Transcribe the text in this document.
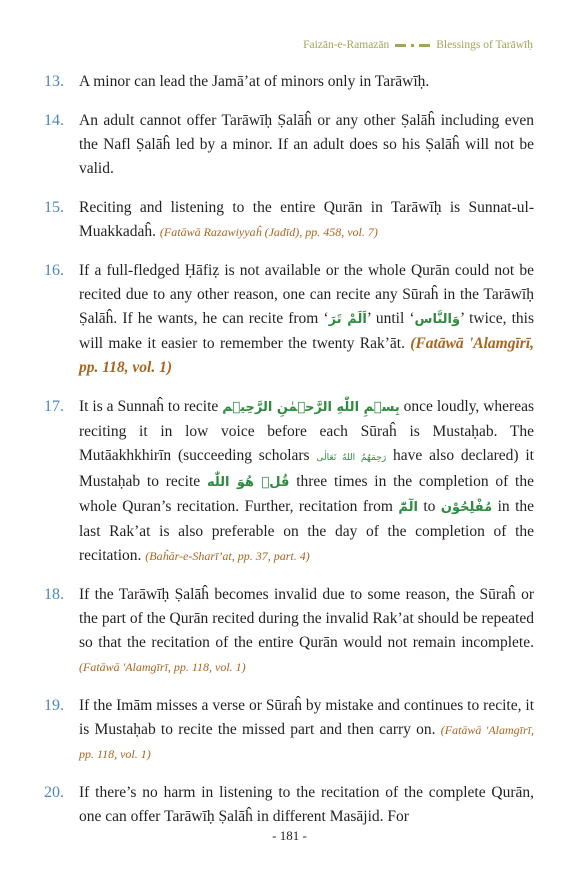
Faizān-e-Ramazān	Blessings of Tarāwīḥ
13. A minor can lead the Jamā’at of minors only in Tarāwīḥ.
14. An adult cannot offer Tarāwīḥ Ṣalāĥ or any other Ṣalāĥ including even the Nafl Ṣalāĥ led by a minor. If an adult does so his Ṣalāĥ will not be valid.
15. Reciting and listening to the entire Qurān in Tarāwīḥ is Sunnat-ul-Muakkadaĥ. (Fatāwā Razawiyyaĥ (Jadīd), pp. 458, vol. 7)
16. If a full-fledged Ḥāfiẓ is not available or the whole Qurān could not be recited due to any other reason, one can recite any Sūraĥ in the Tarāwīḥ Ṣalāĥ. If he wants, he can recite from ‘اَلَمْ تَرَ’ until ‘وَالنَّاس’ twice, this will make it easier to remember the twenty Rak’āt. (Fatāwā 'Alamgīrī, pp. 118, vol. 1)
17. It is a Sunnaĥ to recite بِسۡمِ اللّٰهِ الرَّحۡمٰنِ الرَّحِيۡم once loudly, whereas reciting it in low voice before each Sūraĥ is Mustaḥab. The Mutāakhkhirīn (succeeding scholars رَحِمَهُمُ اللهُ تَعَالٰى have also declared) it Mustaḥab to recite قُلۡ هُوَ اللّٰه three times in the completion of the whole Quran’s recitation. Further, recitation from الٓمّٓ to مُفْلِحُوْن in the last Rak’at is also preferable on the day of the completion of the recitation. (Baĥār-e-Sharī’at, pp. 37, part. 4)
18. If the Tarāwīḥ Ṣalāĥ becomes invalid due to some reason, the Sūraĥ or the part of the Qurān recited during the invalid Rak’at should be repeated so that the recitation of the entire Qurān would not remain incomplete. (Fatāwā 'Alamgīrī, pp. 118, vol. 1)
19. If the Imām misses a verse or Sūraĥ by mistake and continues to recite, it is Mustaḥab to recite the missed part and then carry on. (Fatāwā 'Alamgīrī, pp. 118, vol. 1)
20. If there’s no harm in listening to the recitation of the complete Qurān, one can offer Tarāwīḥ Ṣalāĥ in different Masājid. For
- 181 -
